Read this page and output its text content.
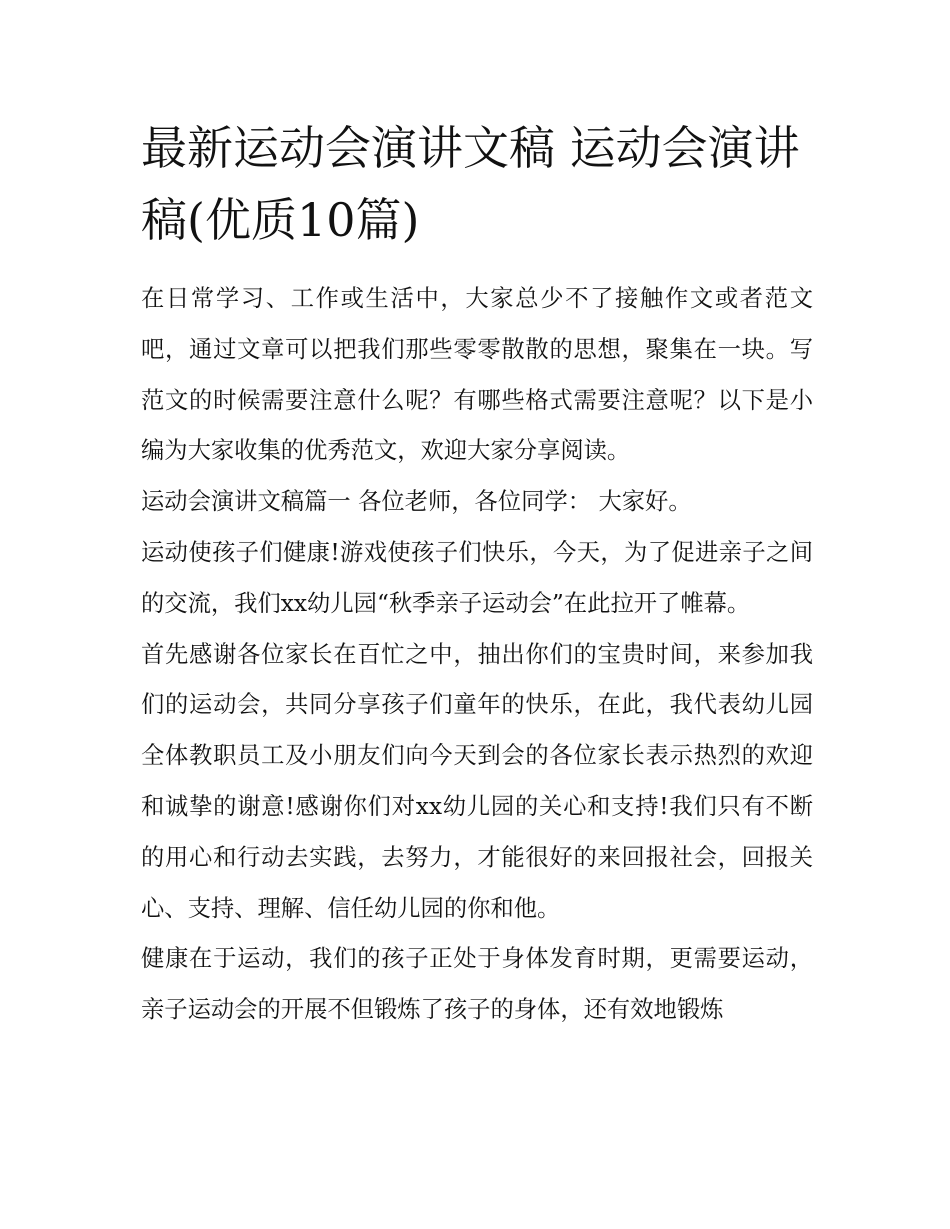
最新运动会演讲文稿 运动会演讲稿(优质10篇)

在日常学习、工作或生活中，大家总少不了接触作文或者范文吧，通过文章可以把我们那些零零散散的思想，聚集在一块。写范文的时候需要注意什么呢？有哪些格式需要注意呢？以下是小编为大家收集的优秀范文，欢迎大家分享阅读。

运动会演讲文稿篇一 各位老师，各位同学： 大家好。

运动使孩子们健康!游戏使孩子们快乐，今天，为了促进亲子之间的交流，我们xx幼儿园“秋季亲子运动会”在此拉开了帷幕。

首先感谢各位家长在百忙之中，抽出你们的宝贵时间，来参加我们的运动会，共同分享孩子们童年的快乐，在此，我代表幼儿园全体教职员工及小朋友们向今天到会的各位家长表示热烈的欢迎和诚挚的谢意!感谢你们对xx幼儿园的关心和支持!我们只有不断的用心和行动去实践，去努力，才能很好的来回报社会，回报关心、支持、理解、信任幼儿园的你和他。

健康在于运动，我们的孩子正处于身体发育时期，更需要运动，亲子运动会的开展不但锻炼了孩子的身体，还有效地锻炼
